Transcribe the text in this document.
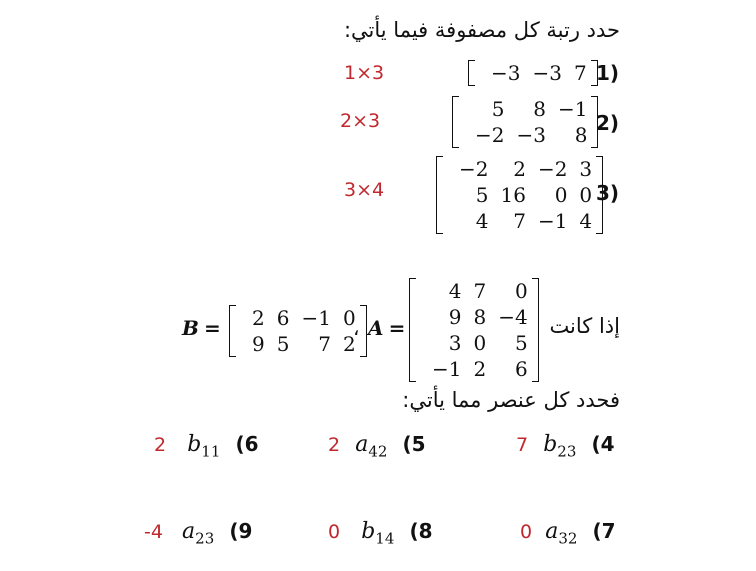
حدد رتبة كل مصفوفة فيما يأتي:
1)
1×3	−3 −3 7
2)
2×3	5	8 −1
−2 −3	8
3)
3×4
−2	2 −2 3
5 16	0 0
4	7 −1 4
إذا كانت
4 7	0
9 8 −4
3 0	5
−1 2	6
A =
،
2 6 −1 0
9 5	7 2
B =
فحدد كل عنصر مما يأتي:
7 $b_{23}$ (4
2 $a_{42}$ (5
2 $b_{11}$ (6
0 $a_{32}$ (7
0 $b_{14}$ (8
-4 $a_{23}$ (9
